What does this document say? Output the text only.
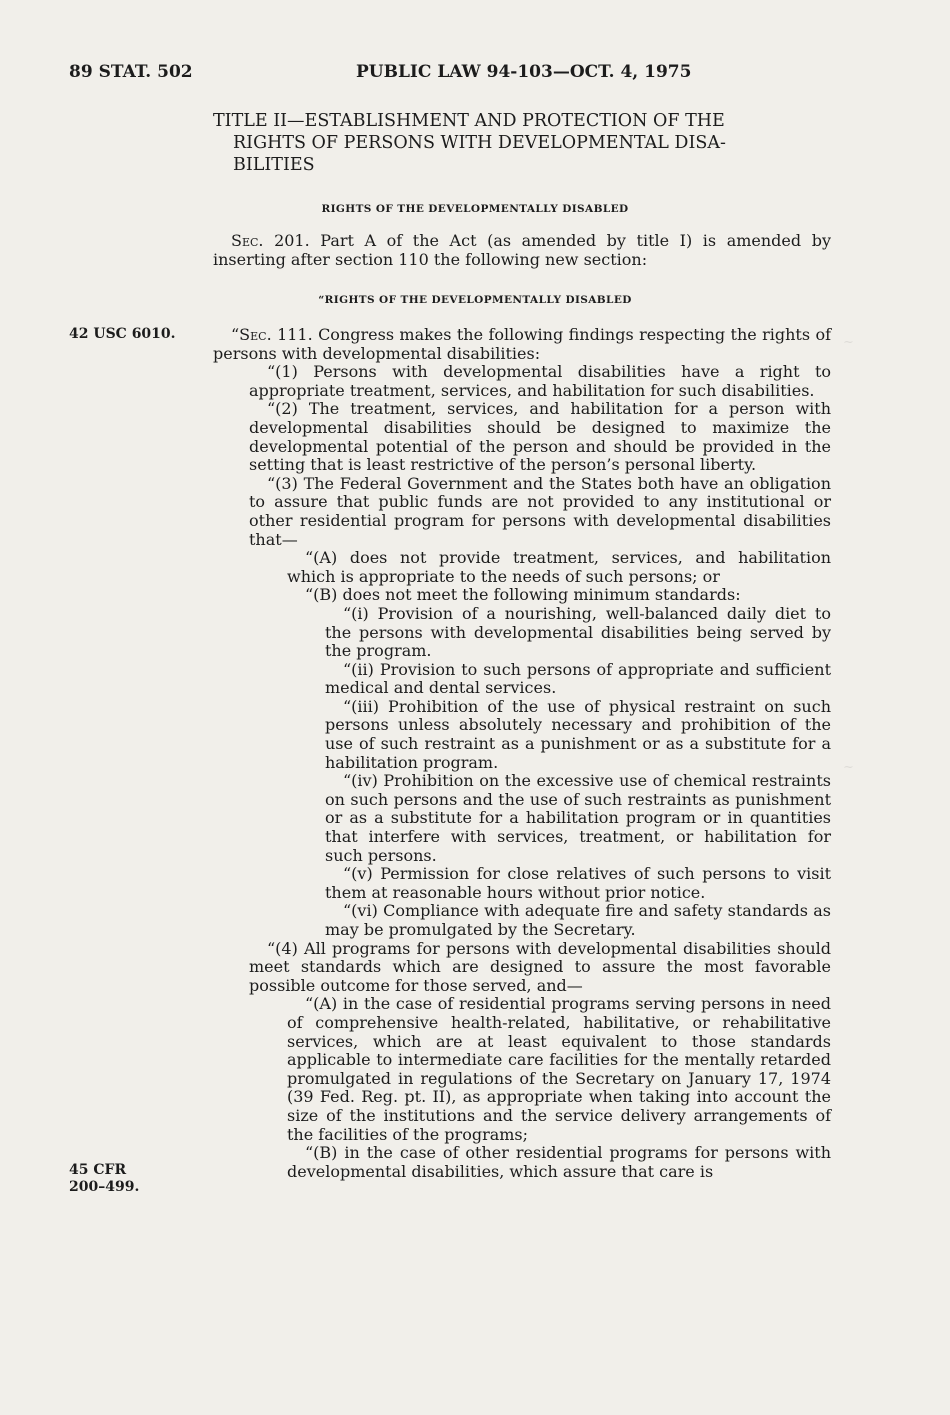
~
~
89 STAT. 502	PUBLIC LAW 94-103—OCT. 4, 1975
TITLE II—ESTABLISHMENT AND PROTECTION OF THE
RIGHTS OF PERSONS WITH DEVELOPMENTAL DISA-
BILITIES
RIGHTS OF THE DEVELOPMENTALLY DISABLED

Sec. 201. Part A of the Act (as amended by title I) is amended by inserting after section 110 the following new section:

“RIGHTS OF THE DEVELOPMENTALLY DISABLED
42 USC 6010.
45 CFR
200–499.

“Sec. 111. Congress makes the following findings respecting the rights of persons with developmental disabilities:

“(1) Persons with developmental disabilities have a right to appropriate treatment, services, and habilitation for such disabilities.

“(2) The treatment, services, and habilitation for a person with developmental disabilities should be designed to maximize the developmental potential of the person and should be provided in the setting that is least restrictive of the person’s personal liberty.

“(3) The Federal Government and the States both have an obligation to assure that public funds are not provided to any institutional or other residential program for persons with developmental disabilities that—

“(A) does not provide treatment, services, and habilitation which is appropriate to the needs of such persons; or

“(B) does not meet the following minimum standards:

“(i) Provision of a nourishing, well-balanced daily diet to the persons with developmental disabilities being served by the program.

“(ii) Provision to such persons of appropriate and sufficient medical and dental services.

“(iii) Prohibition of the use of physical restraint on such persons unless absolutely necessary and prohibition of the use of such restraint as a punishment or as a substitute for a habilitation program.

“(iv) Prohibition on the excessive use of chemical restraints on such persons and the use of such restraints as punishment or as a substitute for a habilitation program or in quantities that interfere with services, treatment, or habilitation for such persons.

“(v) Permission for close relatives of such persons to visit them at reasonable hours without prior notice.

“(vi) Compliance with adequate fire and safety standards as may be promulgated by the Secretary.

“(4) All programs for persons with developmental disabilities should meet standards which are designed to assure the most favorable possible outcome for those served, and—

“(A) in the case of residential programs serving persons in need of comprehensive health-related, habilitative, or rehabilitative services, which are at least equivalent to those standards applicable to intermediate care facilities for the mentally retarded promulgated in regulations of the Secretary on January 17, 1974 (39 Fed. Reg. pt. II), as appropriate when taking into account the size of the institutions and the service delivery arrangements of the facilities of the programs;

“(B) in the case of other residential programs for persons with developmental disabilities, which assure that care is
